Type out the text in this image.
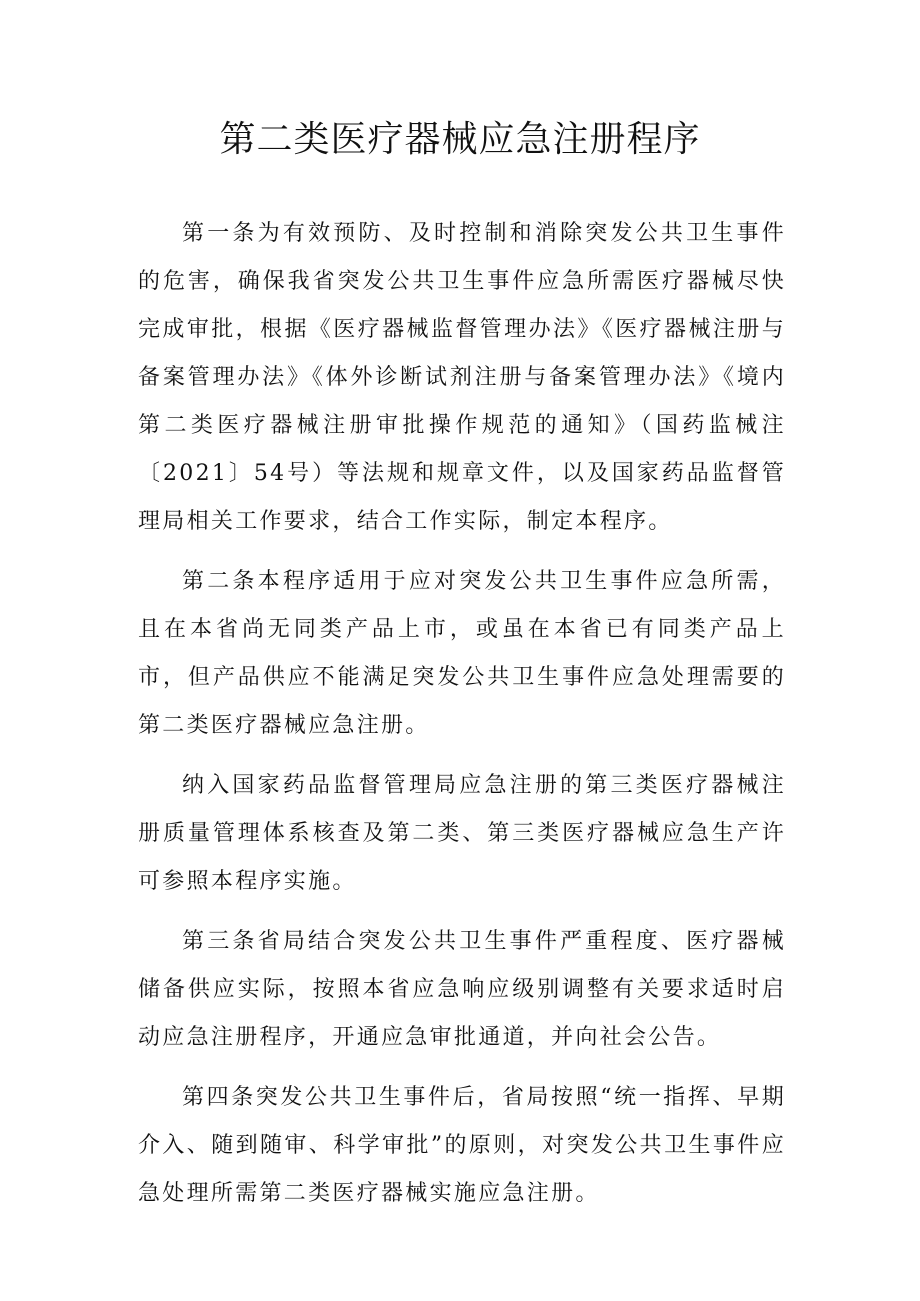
第二类医疗器械应急注册程序

第一条为有效预防、及时控制和消除突发公共卫生事件的危害，确保我省突发公共卫生事件应急所需医疗器械尽快完成审批，根据《医疗器械监督管理办法》《医疗器械注册与备案管理办法》《体外诊断试剂注册与备案管理办法》《境内第二类医疗器械注册审批操作规范的通知》（国药监械注〔2021〕54号）等法规和规章文件，以及国家药品监督管理局相关工作要求，结合工作实际，制定本程序。

第二条本程序适用于应对突发公共卫生事件应急所需，且在本省尚无同类产品上市，或虽在本省已有同类产品上市，但产品供应不能满足突发公共卫生事件应急处理需要的第二类医疗器械应急注册。

纳入国家药品监督管理局应急注册的第三类医疗器械注册质量管理体系核查及第二类、第三类医疗器械应急生产许可参照本程序实施。

第三条省局结合突发公共卫生事件严重程度、医疗器械储备供应实际，按照本省应急响应级别调整有关要求适时启动应急注册程序，开通应急审批通道，并向社会公告。

第四条突发公共卫生事件后，省局按照“统一指挥、早期介入、随到随审、科学审批”的原则，对突发公共卫生事件应急处理所需第二类医疗器械实施应急注册。
